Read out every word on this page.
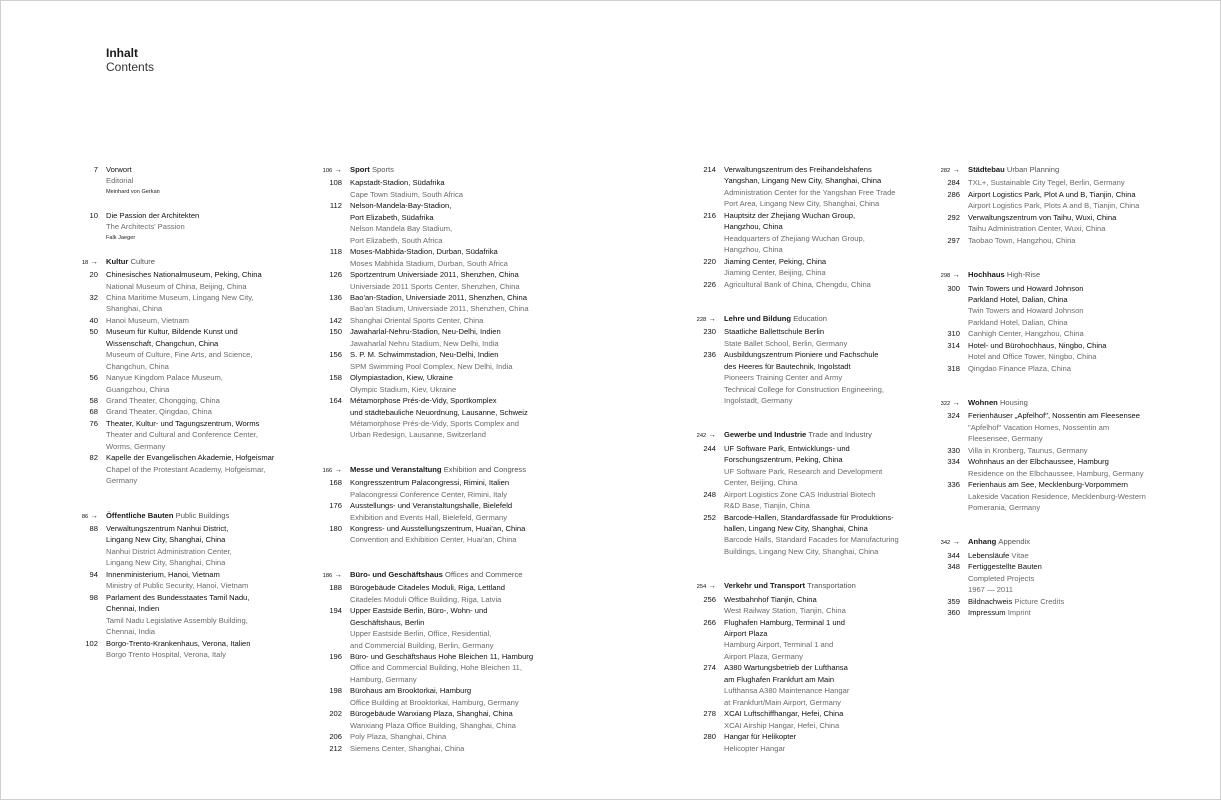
Inhalt
Contents
7	Vorwort
Editorial
Meinhard von Gerkan
10	Die Passion der Architekten
The Architects' Passion
Falk Jaeger
18 →	Kultur Culture
20	Chinesisches Nationalmuseum, Peking, China
National Museum of China, Beijing, China
32	China Maritime Museum, Lingang New City,
Shanghai, China
40	Hanoi Museum, Vietnam
50	Museum für Kultur, Bildende Kunst und
Wissenschaft, Changchun, China
Museum of Culture, Fine Arts, and Science,
Changchun, China
56	Nanyue Kingdom Palace Museum,
Guangzhou, China
58	Grand Theater, Chongqing, China
68	Grand Theater, Qingdao, China
76	Theater, Kultur- und Tagungszentrum, Worms
Theater and Cultural and Conference Center,
Worms, Germany
82	Kapelle der Evangelischen Akademie, Hofgeismar
Chapel of the Protestant Academy, Hofgeismar,
Germany
86 →	Öffentliche Bauten Public Buildings
88	Verwaltungszentrum Nanhui District,
Lingang New City, Shanghai, China
Nanhui District Administration Center,
Lingang New City, Shanghai, China
94	Innenministerium, Hanoi, Vietnam
Ministry of Public Security, Hanoi, Vietnam
98	Parlament des Bundesstaates Tamil Nadu,
Chennai, Indien
Tamil Nadu Legislative Assembly Building,
Chennai, India
102	Borgo-Trento-Krankenhaus, Verona, Italien
Borgo Trento Hospital, Verona, Italy
106 →	Sport Sports
108	Kapstadt-Stadion, Südafrika
Cape Town Stadium, South Africa
112	Nelson-Mandela-Bay-Stadion,
Port Elizabeth, Südafrika
Nelson Mandela Bay Stadium,
Port Elizabeth, South Africa
118	Moses-Mabhida-Stadion, Durban, Südafrika
Moses Mabhida Stadium, Durban, South Africa
126	Sportzentrum Universiade 2011, Shenzhen, China
Universiade 2011 Sports Center, Shenzhen, China
136	Bao'an-Stadion, Universiade 2011, Shenzhen, China
Bao'an Stadium, Universiade 2011, Shenzhen, China
142	Shanghai Oriental Sports Center, China
150	Jawaharlal-Nehru-Stadion, Neu-Delhi, Indien
Jawaharlal Nehru Stadium, New Delhi, India
156	S. P. M. Schwimmstadion, Neu-Delhi, Indien
SPM Swimming Pool Complex, New Delhi, India
158	Olympiastadion, Kiew, Ukraine
Olympic Stadium, Kiev, Ukraine
164	Métamorphose Prés-de-Vidy, Sportkomplex
und städtebauliche Neuordnung, Lausanne, Schweiz
Métamorphose Prés-de-Vidy, Sports Complex and
Urban Redesign, Lausanne, Switzerland
166 →	Messe und Veranstaltung Exhibition and Congress
168	Kongresszentrum Palacongressi, Rimini, Italien
Palacongressi Conference Center, Rimini, Italy
176	Ausstellungs- und Veranstaltungshalle, Bielefeld
Exhibition and Events Hall, Bielefeld, Germany
180	Kongress- und Ausstellungszentrum, Huai'an, China
Convention and Exhibition Center, Huai'an, China
186 →	Büro- und Geschäftshaus Offices and Commerce
188	Bürogebäude Citadeles Moduli, Riga, Lettland
Citadeles Moduli Office Building, Riga, Latvia
194	Upper Eastside Berlin, Büro-, Wohn- und
Geschäftshaus, Berlin
Upper Eastside Berlin, Office, Residential,
and Commercial Building, Berlin, Germany
196	Büro- und Geschäftshaus Hohe Bleichen 11, Hamburg
Office and Commercial Building, Hohe Bleichen 11,
Hamburg, Germany
198	Bürohaus am Brooktorkai, Hamburg
Office Building at Brooktorkai, Hamburg, Germany
202	Bürogebäude Wanxiang Plaza, Shanghai, China
Wanxiang Plaza Office Building, Shanghai, China
206	Poly Plaza, Shanghai, China
212	Siemens Center, Shanghai, China
214	Verwaltungszentrum des Freihandelshafens
Yangshan, Lingang New City, Shanghai, China
Administration Center for the Yangshan Free Trade
Port Area, Lingang New City, Shanghai, China
216	Hauptsitz der Zhejiang Wuchan Group,
Hangzhou, China
Headquarters of Zhejiang Wuchan Group,
Hangzhou, China
220	Jiaming Center, Peking, China
Jiaming Center, Beijing, China
226	Agricultural Bank of China, Chengdu, China
228 →	Lehre und Bildung Education
230	Staatliche Ballettschule Berlin
State Ballet School, Berlin, Germany
236	Ausbildungszentrum Pioniere und Fachschule
des Heeres für Bautechnik, Ingolstadt
Pioneers Training Center and Army
Technical College for Construction Engineering,
Ingolstadt, Germany
242 →	Gewerbe und Industrie Trade and Industry
244	UF Software Park, Entwicklungs- und
Forschungszentrum, Peking, China
UF Software Park, Research and Development
Center, Beijing, China
248	Airport Logistics Zone CAS Industrial Biotech
R&D Base, Tianjin, China
252	Barcode-Hallen, Standardfassade für Produktions-
hallen, Lingang New City, Shanghai, China
Barcode Halls, Standard Facades for Manufacturing
Buildings, Lingang New City, Shanghai, China
254 →	Verkehr und Transport Transportation
256	Westbahnhof Tianjin, China
West Railway Station, Tianjin, China
266	Flughafen Hamburg, Terminal 1 und
Airport Plaza
Hamburg Airport, Terminal 1 and
Airport Plaza, Germany
274	A380 Wartungsbetrieb der Lufthansa
am Flughafen Frankfurt am Main
Lufthansa A380 Maintenance Hangar
at Frankfurt/Main Airport, Germany
278	XCAI Luftschiffhangar, Hefei, China
XCAI Airship Hangar, Hefei, China
280	Hangar für Helikopter
Helicopter Hangar
282 →	Städtebau Urban Planning
284	TXL+, Sustainable City Tegel, Berlin, Germany
286	Airport Logistics Park, Plot A und B, Tianjin, China
Airport Logistics Park, Plots A and B, Tianjin, China
292	Verwaltungszentrum von Taihu, Wuxi, China
Taihu Administration Center, Wuxi, China
297	Taobao Town, Hangzhou, China
298 →	Hochhaus High-Rise
300	Twin Towers und Howard Johnson
Parkland Hotel, Dalian, China
Twin Towers and Howard Johnson
Parkland Hotel, Dalian, China
310	Canhigh Center, Hangzhou, China
314	Hotel- und Bürohochhaus, Ningbo, China
Hotel and Office Tower, Ningbo, China
318	Qingdao Finance Plaza, China
322 →	Wohnen Housing
324	Ferienhäuser „Apfelhof", Nossentin am Fleesensee
"Apfelhof" Vacation Homes, Nossentin am
Fleesensee, Germany
330	Villa in Kronberg, Taunus, Germany
334	Wohnhaus an der Elbchaussee, Hamburg
Residence on the Elbchaussee, Hamburg, Germany
336	Ferienhaus am See, Mecklenburg-Vorpommern
Lakeside Vacation Residence, Mecklenburg-Western
Pomerania, Germany
342 →	Anhang Appendix
344	Lebensläufe Vitae
348	Fertiggestellte Bauten
Completed Projects
1967 — 2011
359	Bildnachweis Picture Credits
360	Impressum Imprint
